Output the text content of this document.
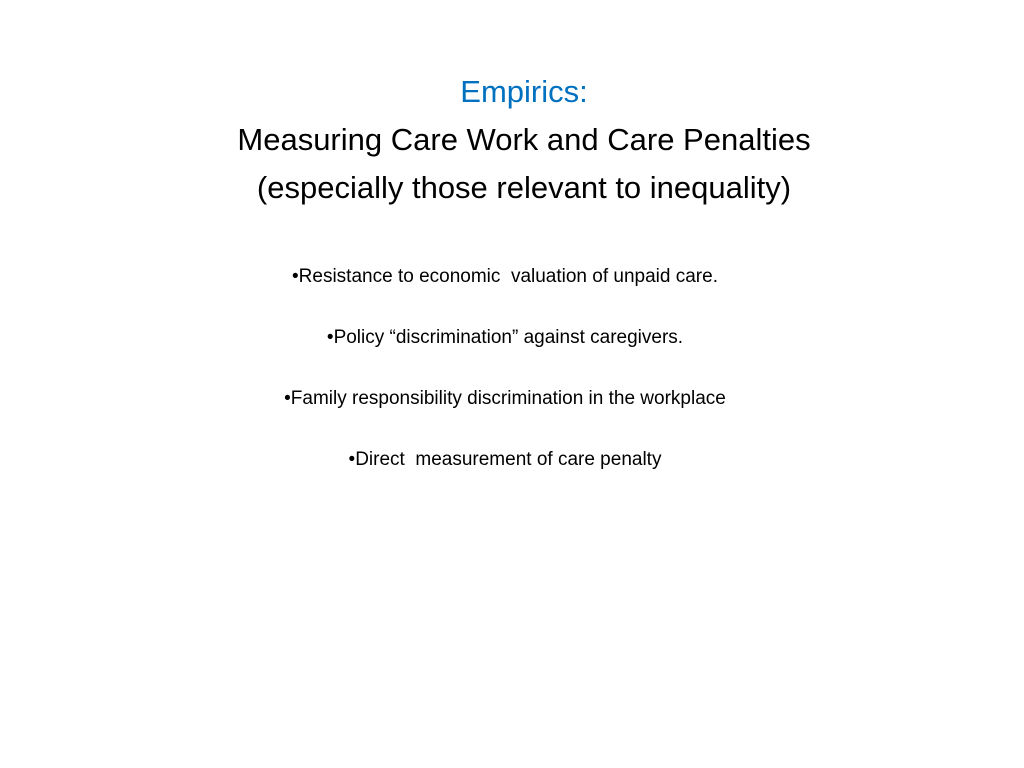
Empirics:
Measuring Care Work and Care Penalties
(especially those relevant to inequality)
•Resistance to economic  valuation of unpaid care.
•Policy “discrimination” against caregivers.
•Family responsibility discrimination in the workplace
•Direct  measurement of care penalty
